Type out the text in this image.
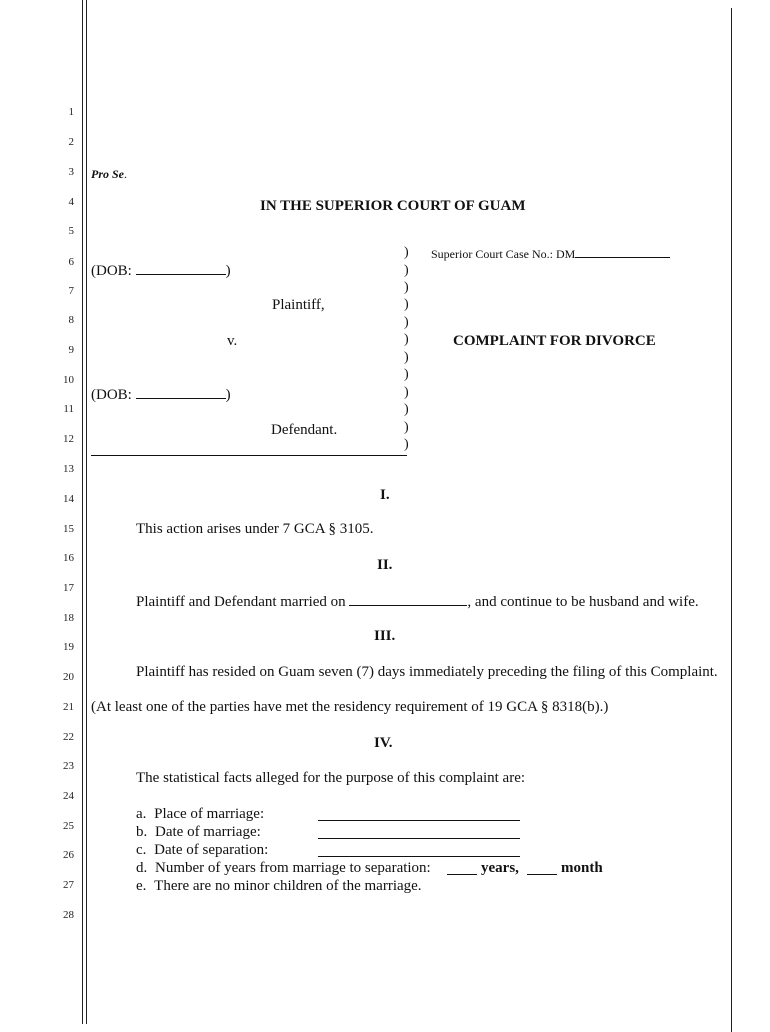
1
2
3
4
5
6
7
8
9
10
11
12
13
14
15
16
17
18
19
20
21
22
23
24
25
26
27
28
Pro Se.
IN THE SUPERIOR COURT OF GUAM
)
)
)
)
)
)
)
)
)
)
)
)
Superior Court Case No.: DM
(DOB:	)
Plaintiff,
v.	COMPLAINT FOR DIVORCE
(DOB:	)
Defendant.
I.
This action arises under 7 GCA § 3105.
II.
Plaintiff and Defendant married on	, and continue to be husband and wife.
III.
Plaintiff has resided on Guam seven (7) days immediately preceding the filing of this Complaint.
(At least one of the parties have met the residency requirement of 19 GCA § 8318(b).)
IV.
The statistical facts alleged for the purpose of this complaint are:
a. Place of marriage:
b. Date of marriage:
c. Date of separation:
d. Number of years from marriage to separation:	years,	month
e. There are no minor children of the marriage.
